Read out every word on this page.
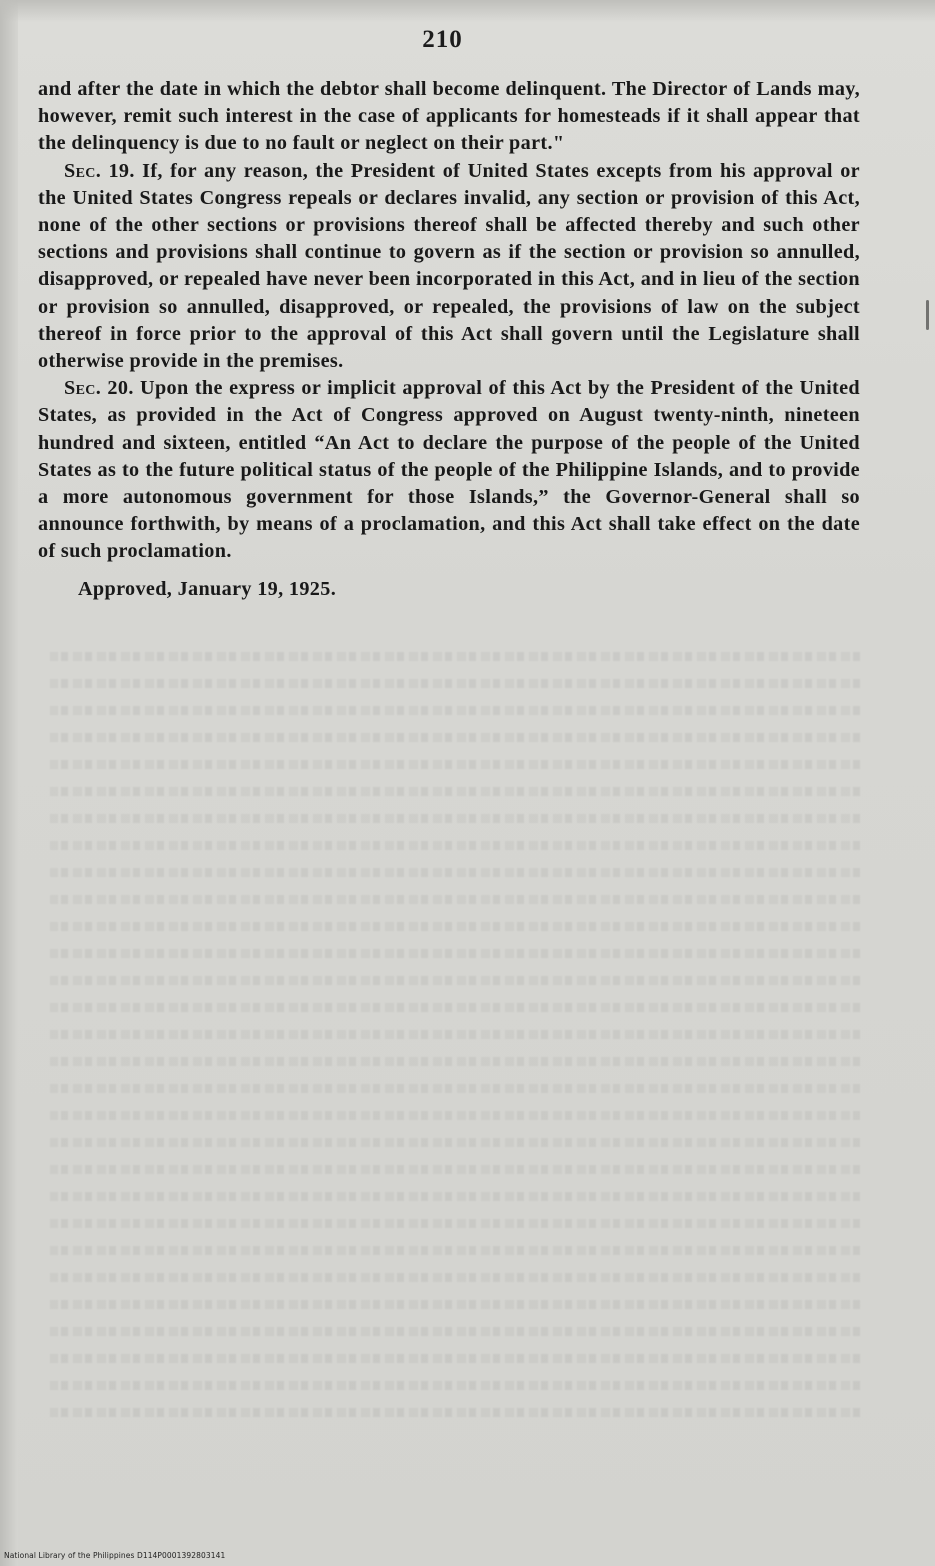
210

and after the date in which the debtor shall become delinquent. The Director of Lands may, however, remit such interest in the case of applicants for homesteads if it shall appear that the delinquency is due to no fault or neglect on their part."

Sec. 19. If, for any reason, the President of United States excepts from his approval or the United States Congress repeals or declares invalid, any section or provision of this Act, none of the other sections or provisions thereof shall be affected thereby and such other sections and provisions shall continue to govern as if the section or provision so annulled, disapproved, or repealed have never been incorporated in this Act, and in lieu of the section or provision so annulled, disapproved, or repealed, the provisions of law on the subject thereof in force prior to the approval of this Act shall govern until the Legislature shall otherwise provide in the premises.

Sec. 20. Upon the express or implicit approval of this Act by the President of the United States, as provided in the Act of Congress approved on August twenty-ninth, nineteen hundred and sixteen, entitled “An Act to declare the purpose of the people of the United States as to the future political status of the people of the Philippine Islands, and to provide a more autonomous government for those Islands,” the Governor-General shall so announce forthwith, by means of a proclamation, and this Act shall take effect on the date of such proclamation.

Approved, January 19, 1925.

National Library of the Philippines D114P0001392803141
